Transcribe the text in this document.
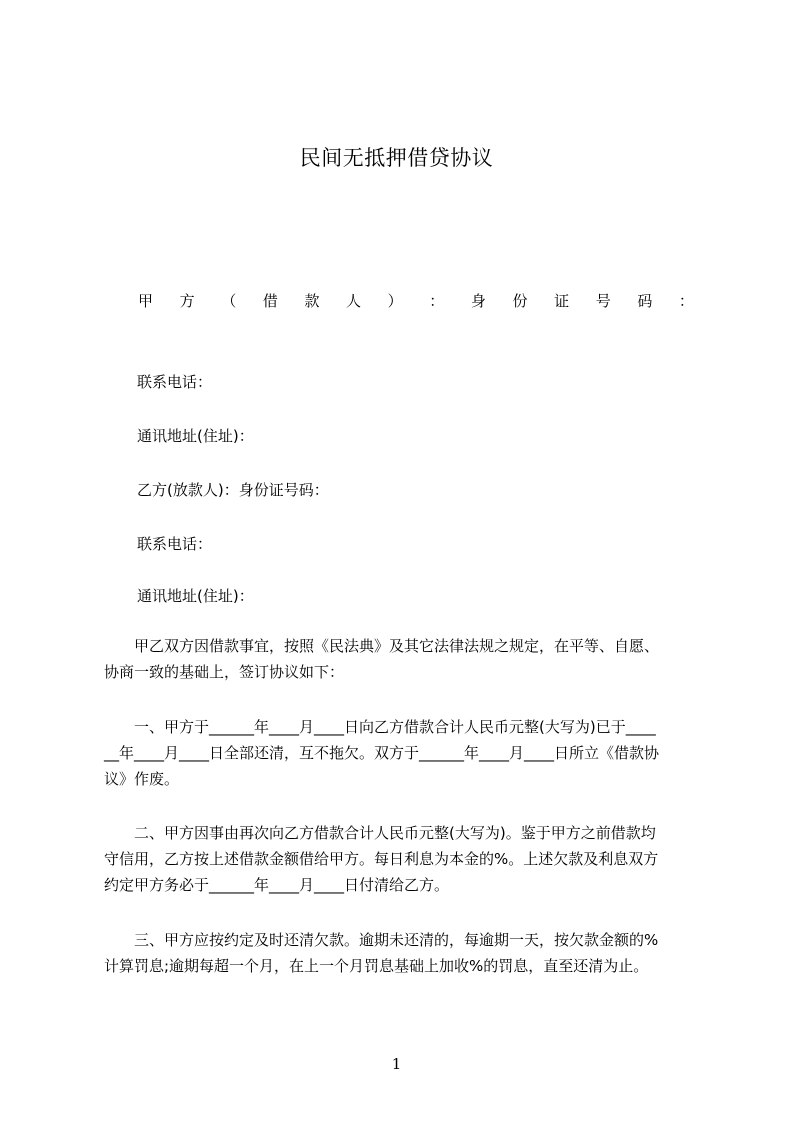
民间无抵押借贷协议
甲 方 （ 借 款 人 ） ： 身 份 证 号 码 ：
联系电话：
通讯地址(住址)：
乙方(放款人)：身份证号码：
联系电话：
通讯地址(住址)：
　　甲乙双方因借款事宜，按照《民法典》及其它法律法规之规定，在平等、自愿、
协商一致的基础上，签订协议如下：
　　一、甲方于______年____月____日向乙方借款合计人民币元整(大写为)已于____
__年____月____日全部还清，互不拖欠。双方于______年____月____日所立《借款协
议》作废。
　　二、甲方因事由再次向乙方借款合计人民币元整(大写为)。鉴于甲方之前借款均
守信用，乙方按上述借款金额借给甲方。每日利息为本金的%。上述欠款及利息双方
约定甲方务必于______年____月____日付清给乙方。
　　三、甲方应按约定及时还清欠款。逾期未还清的，每逾期一天，按欠款金额的%
计算罚息;逾期每超一个月，在上一个月罚息基础上加收%的罚息，直至还清为止。
1
